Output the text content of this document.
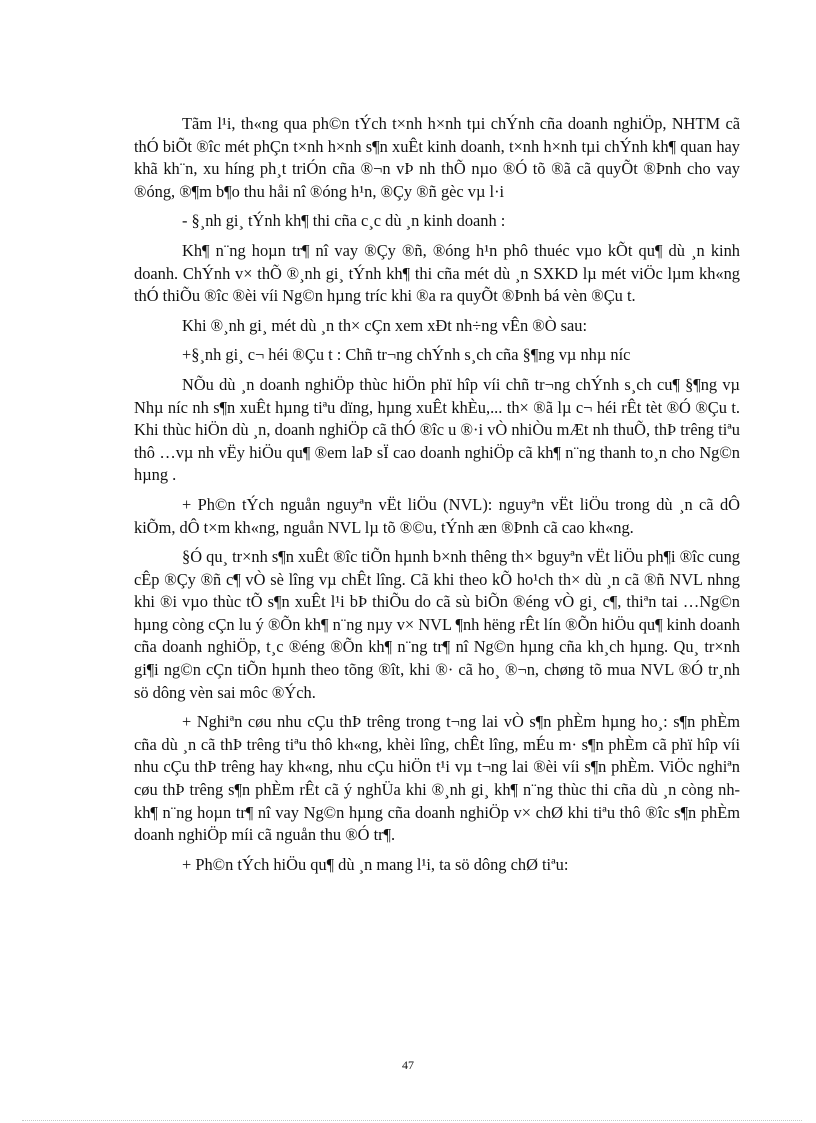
Tãm l¹i, th«ng qua ph©n tÝch t×nh h×nh tµi chÝnh cña doanh nghiÖp, NHTM cã thÓ biÕt ®îc mét phÇn t×nh h×nh s¶n xuÊt kinh doanh, t×nh h×nh tµi chÝnh kh¶ quan hay khã kh¨n, xu híng ph¸t triÓn cña ®¬n vÞ nh thÕ nµo ®Ó tõ ®ã cã quyÕt ®Þnh cho vay ®óng, ®¶m b¶o thu håi nî ®óng h¹n, ®Çy ®ñ gèc vµ l·i

- §¸nh gi¸ tÝnh kh¶ thi cña c¸c dù ¸n kinh doanh :

Kh¶ n¨ng hoµn tr¶ nî vay ®Çy ®ñ, ®óng h¹n phô thuéc vµo kÕt qu¶ dù ¸n kinh doanh. ChÝnh v× thÕ ®¸nh gi¸ tÝnh kh¶ thi cña mét dù ¸n SXKD lµ mét viÖc lµm kh«ng thÓ thiÕu ®îc ®èi víi Ng©n hµng tríc khi ®a ra quyÕt ®Þnh bá vèn ®Çu t.

Khi ®¸nh gi¸ mét dù ¸n th× cÇn xem xÐt nh÷ng vÊn ®Ò sau:

+§¸nh gi¸ c¬ héi ®Çu t : Chñ tr¬ng chÝnh s¸ch cña §¶ng vµ nhµ níc

NÕu dù ¸n doanh nghiÖp thùc hiÖn phï hîp víi chñ tr¬ng chÝnh s¸ch cu¶ §¶ng vµ Nhµ níc nh s¶n xuÊt hµng tiªu dïng, hµng xuÊt khÈu,... th× ®ã lµ c¬ héi rÊt tèt ®Ó ®Çu t. Khi thùc hiÖn dù ¸n, doanh nghiÖp cã thÓ ®îc u ®·i vÒ nhiÒu mÆt nh thuÕ, thÞ trêng tiªu thô …vµ nh vËy hiÖu qu¶ ®em laÞ sÏ cao doanh nghiÖp cã kh¶ n¨ng thanh to¸n cho Ng©n hµng .

+ Ph©n tÝch nguån nguyªn vËt liÖu (NVL): nguyªn vËt liÖu trong dù ¸n cã dÔ kiÕm, dÔ t×m kh«ng, nguån NVL lµ tõ ®©u, tÝnh æn ®Þnh cã cao kh«ng.

§Ó qu¸ tr×nh s¶n xuÊt ®îc tiÕn hµnh b×nh thêng th× bguyªn vËt liÖu ph¶i ®îc cung cÊp ®Çy ®ñ c¶ vÒ sè lîng vµ chÊt lîng. Cã khi theo kÕ ho¹ch th× dù ¸n cã ®ñ NVL nhng khi ®i vµo thùc tÕ s¶n xuÊt l¹i bÞ thiÕu do cã sù biÕn ®éng vÒ gi¸ c¶, thiªn tai …Ng©n hµng còng cÇn lu ý ®Õn kh¶ n¨ng nµy v× NVL ¶nh hëng rÊt lín ®Õn hiÖu qu¶ kinh doanh cña doanh nghiÖp, t¸c ®éng ®Õn kh¶ n¨ng tr¶ nî Ng©n hµng cña kh¸ch hµng. Qu¸ tr×nh gi¶i ng©n cÇn tiÕn hµnh theo tõng ®ît, khi ®· cã ho¸ ®¬n, chøng tõ mua NVL ®Ó tr¸nh sö dông vèn sai môc ®Ých.

+ Nghiªn cøu nhu cÇu thÞ trêng trong t¬ng lai vÒ s¶n phÈm hµng ho¸: s¶n phÈm cña dù ¸n cã thÞ trêng tiªu thô kh«ng, khèi lîng, chÊt lîng, mÉu m· s¶n phÈm cã phï hîp víi nhu cÇu thÞ trêng hay kh«ng, nhu cÇu hiÖn t¹i vµ t¬ng lai ®èi víi s¶n phÈm. ViÖc nghiªn cøu thÞ trêng s¶n phÈm rÊt cã ý nghÜa khi ®¸nh gi¸ kh¶ n¨ng thùc thi cña dù ¸n còng nh kh¶ n¨ng hoµn tr¶ nî vay Ng©n hµng cña doanh nghiÖp v× chØ khi tiªu thô ®îc s¶n phÈm doanh nghiÖp míi cã nguån thu ®Ó tr¶.

+ Ph©n tÝch hiÖu qu¶ dù ¸n mang l¹i, ta sö dông chØ tiªu:

47
